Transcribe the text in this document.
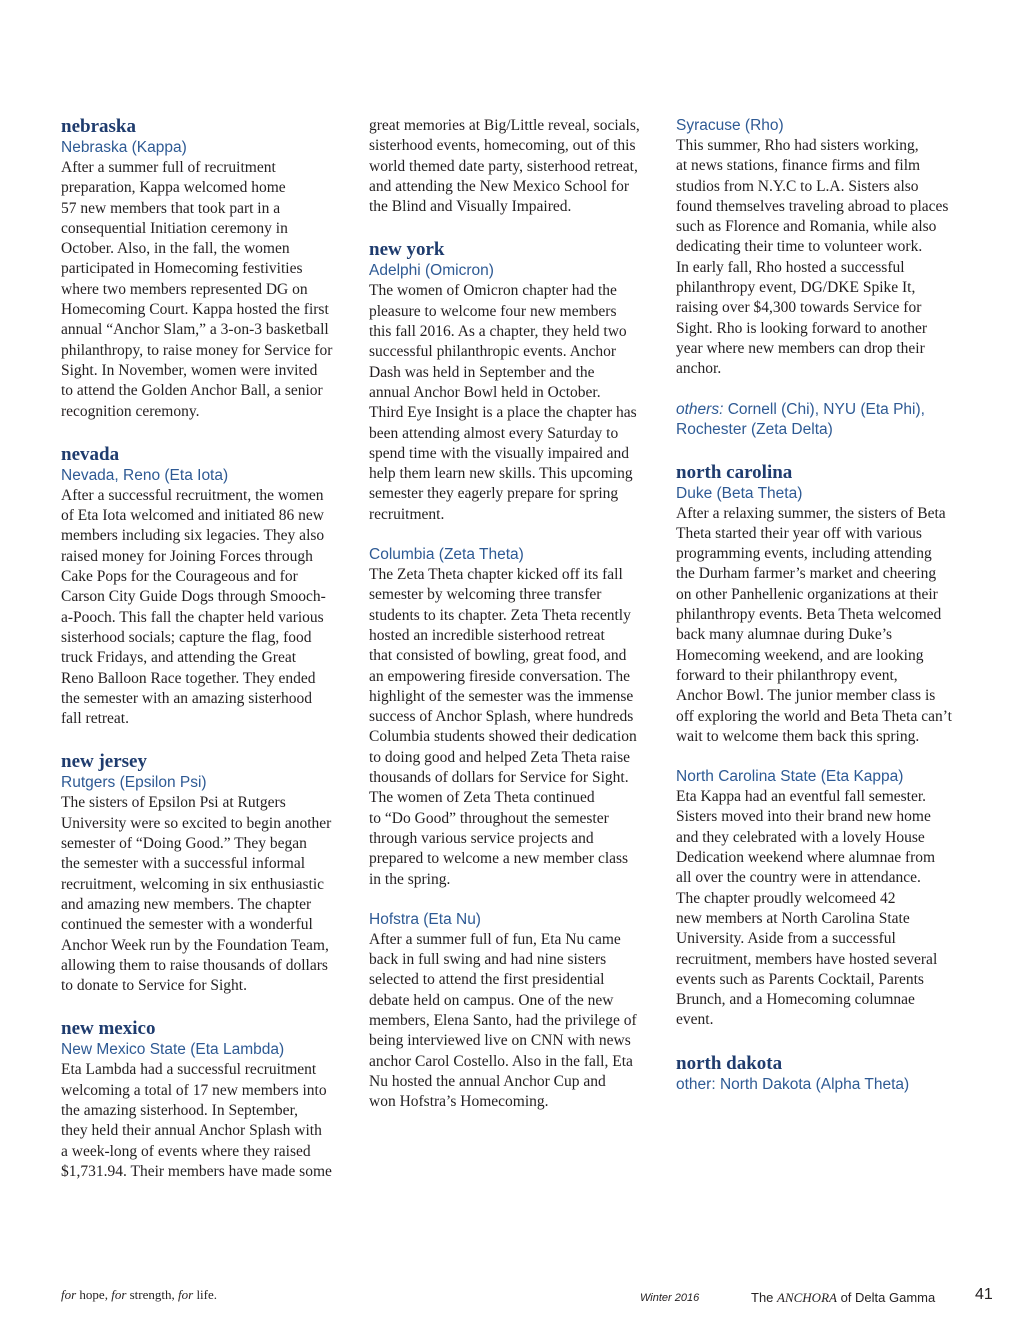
nebraska

Nebraska (Kappa)

After a summer full of recruitment
preparation, Kappa welcomed home
57 new members that took part in a
consequential Initiation ceremony in
October. Also, in the fall, the women
participated in Homecoming festivities
where two members represented DG on
Homecoming Court. Kappa hosted the first
annual “Anchor Slam,” a 3-on-3 basketball
philanthropy, to raise money for Service for
Sight. In November, women were invited
to attend the Golden Anchor Ball, a senior
recognition ceremony.

nevada

Nevada, Reno (Eta Iota)

After a successful recruitment, the women
of Eta Iota welcomed and initiated 86 new
members including six legacies. They also
raised money for Joining Forces through
Cake Pops for the Courageous and for
Carson City Guide Dogs through Smooch-
a-Pooch. This fall the chapter held various
sisterhood socials; capture the flag, food
truck Fridays, and attending the Great
Reno Balloon Race together. They ended
the semester with an amazing sisterhood
fall retreat.

new jersey

Rutgers (Epsilon Psi)

The sisters of Epsilon Psi at Rutgers
University were so excited to begin another
semester of “Doing Good.” They began
the semester with a successful informal
recruitment, welcoming in six enthusiastic
and amazing new members. The chapter
continued the semester with a wonderful
Anchor Week run by the Foundation Team,
allowing them to raise thousands of dollars
to donate to Service for Sight.

new mexico

New Mexico State (Eta Lambda)

Eta Lambda had a successful recruitment
welcoming a total of 17 new members into
the amazing sisterhood. In September,
they held their annual Anchor Splash with
a week-long of events where they raised
$1,731.94. Their members have made some

great memories at Big/Little reveal, socials,
sisterhood events, homecoming, out of this
world themed date party, sisterhood retreat,
and attending the New Mexico School for
the Blind and Visually Impaired.

new york

Adelphi (Omicron)

The women of Omicron chapter had the
pleasure to welcome four new members
this fall 2016. As a chapter, they held two
successful philanthropic events. Anchor
Dash was held in September and the
annual Anchor Bowl held in October.
Third Eye Insight is a place the chapter has
been attending almost every Saturday to
spend time with the visually impaired and
help them learn new skills. This upcoming
semester they eagerly prepare for spring
recruitment.

Columbia (Zeta Theta)

The Zeta Theta chapter kicked off its fall
semester by welcoming three transfer
students to its chapter. Zeta Theta recently
hosted an incredible sisterhood retreat
that consisted of bowling, great food, and
an empowering fireside conversation. The
highlight of the semester was the immense
success of Anchor Splash, where hundreds
Columbia students showed their dedication
to doing good and helped Zeta Theta raise
thousands of dollars for Service for Sight.
The women of Zeta Theta continued
to “Do Good” throughout the semester
through various service projects and
prepared to welcome a new member class
in the spring.

Hofstra (Eta Nu)

After a summer full of fun, Eta Nu came
back in full swing and had nine sisters
selected to attend the first presidential
debate held on campus. One of the new
members, Elena Santo, had the privilege of
being interviewed live on CNN with news
anchor Carol Costello. Also in the fall, Eta
Nu hosted the annual Anchor Cup and
won Hofstra’s Homecoming.

Syracuse (Rho)

This summer, Rho had sisters working,
at news stations, finance firms and film
studios from N.Y.C to L.A. Sisters also
found themselves traveling abroad to places
such as Florence and Romania, while also
dedicating their time to volunteer work.
In early fall, Rho hosted a successful
philanthropy event, DG/DKE Spike It,
raising over $4,300 towards Service for
Sight. Rho is looking forward to another
year where new members can drop their
anchor.

others: Cornell (Chi), NYU (Eta Phi),
Rochester (Zeta Delta)

north carolina

Duke (Beta Theta)

After a relaxing summer, the sisters of Beta
Theta started their year off with various
programming events, including attending
the Durham farmer’s market and cheering
on other Panhellenic organizations at their
philanthropy events. Beta Theta welcomed
back many alumnae during Duke’s
Homecoming weekend, and are looking
forward to their philanthropy event,
Anchor Bowl. The junior member class is
off exploring the world and Beta Theta can’t
wait to welcome them back this spring.

North Carolina State (Eta Kappa)

Eta Kappa had an eventful fall semester.
Sisters moved into their brand new home
and they celebrated with a lovely House
Dedication weekend where alumnae from
all over the country were in attendance.
The chapter proudly welcomeed 42
new members at North Carolina State
University. Aside from a successful
recruitment, members have hosted several
events such as Parents Cocktail, Parents
Brunch, and a Homecoming columnae
event.

north dakota

other: North Dakota (Alpha Theta)

for hope, for strength, for life.	Winter 2016	The ANCHORA of Delta Gamma 41
